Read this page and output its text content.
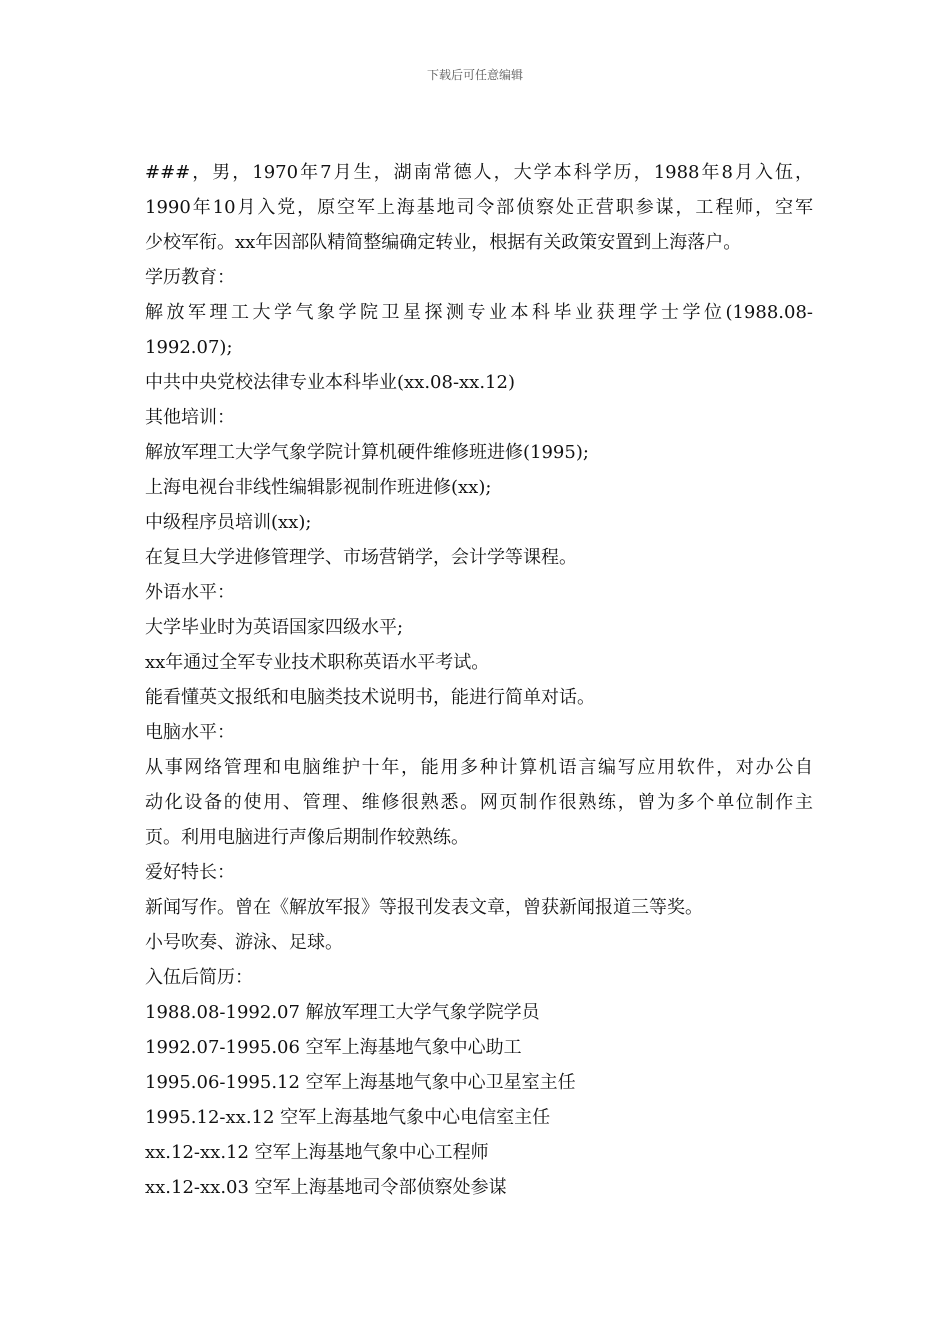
下载后可任意编辑
###，男，1970年7月生，湖南常德人，大学本科学历，1988年8月入伍，
1990年10月入党，原空军上海基地司令部侦察处正营职参谋，工程师，空军
少校军衔。xx年因部队精简整编确定转业，根据有关政策安置到上海落户。
学历教育：
解放军理工大学气象学院卫星探测专业本科毕业获理学士学位(1988.08-
1992.07);
中共中央党校法律专业本科毕业(xx.08-xx.12)
其他培训：
解放军理工大学气象学院计算机硬件维修班进修(1995);
上海电视台非线性编辑影视制作班进修(xx);
中级程序员培训(xx);
在复旦大学进修管理学、市场营销学，会计学等课程。
外语水平：
大学毕业时为英语国家四级水平;
xx年通过全军专业技术职称英语水平考试。
能看懂英文报纸和电脑类技术说明书，能进行简单对话。
电脑水平：
从事网络管理和电脑维护十年，能用多种计算机语言编写应用软件，对办公自
动化设备的使用、管理、维修很熟悉。网页制作很熟练，曾为多个单位制作主
页。利用电脑进行声像后期制作较熟练。
爱好特长：
新闻写作。曾在《解放军报》等报刊发表文章，曾获新闻报道三等奖。
小号吹奏、游泳、足球。
入伍后简历：
1988.08-1992.07 解放军理工大学气象学院学员
1992.07-1995.06 空军上海基地气象中心助工
1995.06-1995.12 空军上海基地气象中心卫星室主任
1995.12-xx.12 空军上海基地气象中心电信室主任
xx.12-xx.12 空军上海基地气象中心工程师
xx.12-xx.03 空军上海基地司令部侦察处参谋
